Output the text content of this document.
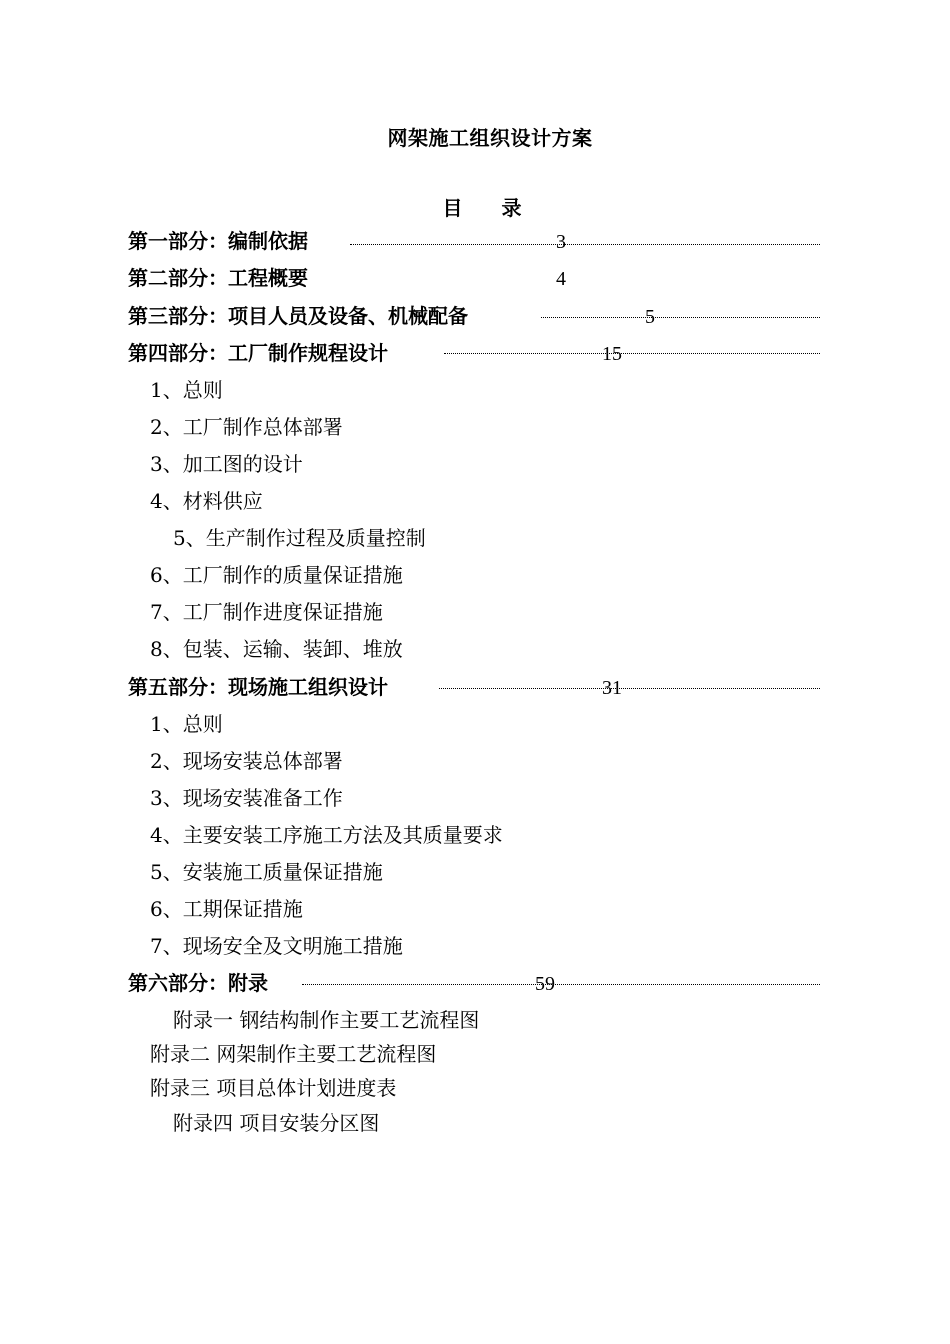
网架施工组织设计方案
目 录
第一部分：编制依据	3
第二部分：工程概要	4
第三部分：项目人员及设备、机械配备	5
第四部分：工厂制作规程设计	15
1、总则
2、工厂制作总体部署
3、加工图的设计
4、材料供应
5、生产制作过程及质量控制
6、工厂制作的质量保证措施
7、工厂制作进度保证措施
8、包装、运输、装卸、堆放
第五部分：现场施工组织设计	31
1、总则
2、现场安装总体部署
3、现场安装准备工作
4、主要安装工序施工方法及其质量要求
5、安装施工质量保证措施
6、工期保证措施
7、现场安全及文明施工措施
第六部分：附录	59
附录一 钢结构制作主要工艺流程图
附录二 网架制作主要工艺流程图
附录三 项目总体计划进度表
附录四 项目安装分区图
